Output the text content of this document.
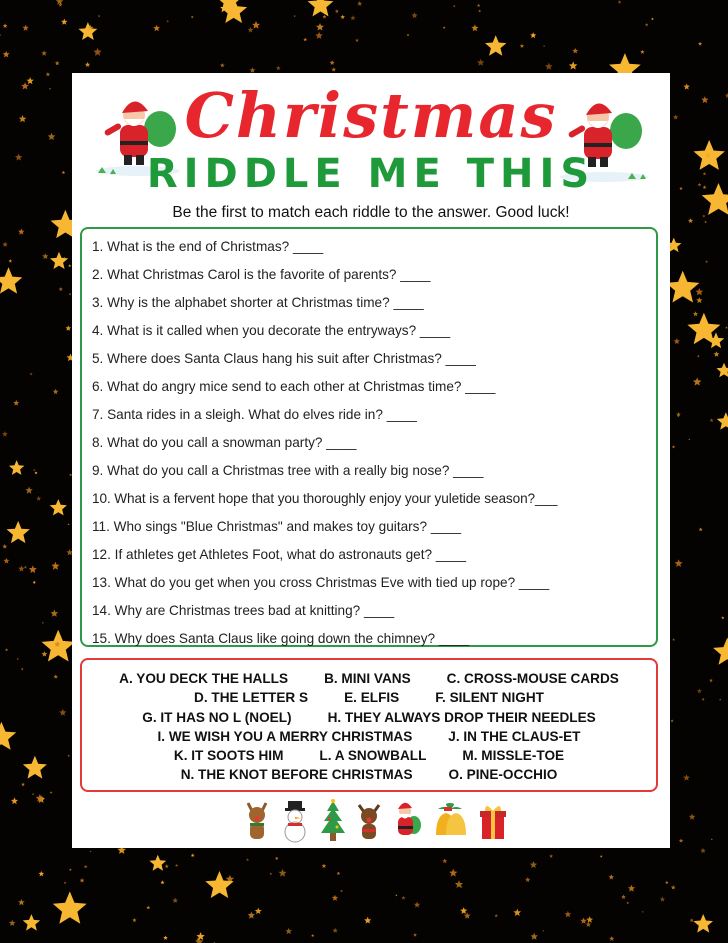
Christmas
RIDDLE ME THIS
Be the first to match each riddle to the answer. Good luck!
1. What is the end of Christmas? ____
2. What Christmas Carol is the favorite of parents? ____
3. Why is the alphabet shorter at Christmas time? ____
4. What is it called when you decorate the entryways? ____
5. Where does Santa Claus hang his suit after Christmas? ____
6. What do angry mice send to each other at Christmas time? ____
7. Santa rides in a sleigh. What do elves ride in? ____
8. What do you call a snowman party? ____
9. What do you call a Christmas tree with a really big nose? ____
10. What is a fervent hope that you thoroughly enjoy your yuletide season?___
11. Who sings "Blue Christmas" and makes toy guitars? ____
12. If athletes get Athletes Foot, what do astronauts get? ____
13. What do you get when you cross Christmas Eve with tied up rope? ____
14. Why are Christmas trees bad at knitting? ____
15. Why does Santa Claus like going down the chimney? ____
A. YOU DECK THE HALLS	B. MINI VANS	C. CROSS-MOUSE CARDS
D. THE LETTER S	E. ELFIS	F. SILENT NIGHT
G. IT HAS NO L (NOEL)	H. THEY ALWAYS DROP THEIR NEEDLES
I. WE WISH YOU A MERRY CHRISTMAS	J. IN THE CLAUS-ET
K. IT SOOTS HIM	L. A SNOWBALL	M. MISSLE-TOE
N. THE KNOT BEFORE CHRISTMAS	O. PINE-OCCHIO
